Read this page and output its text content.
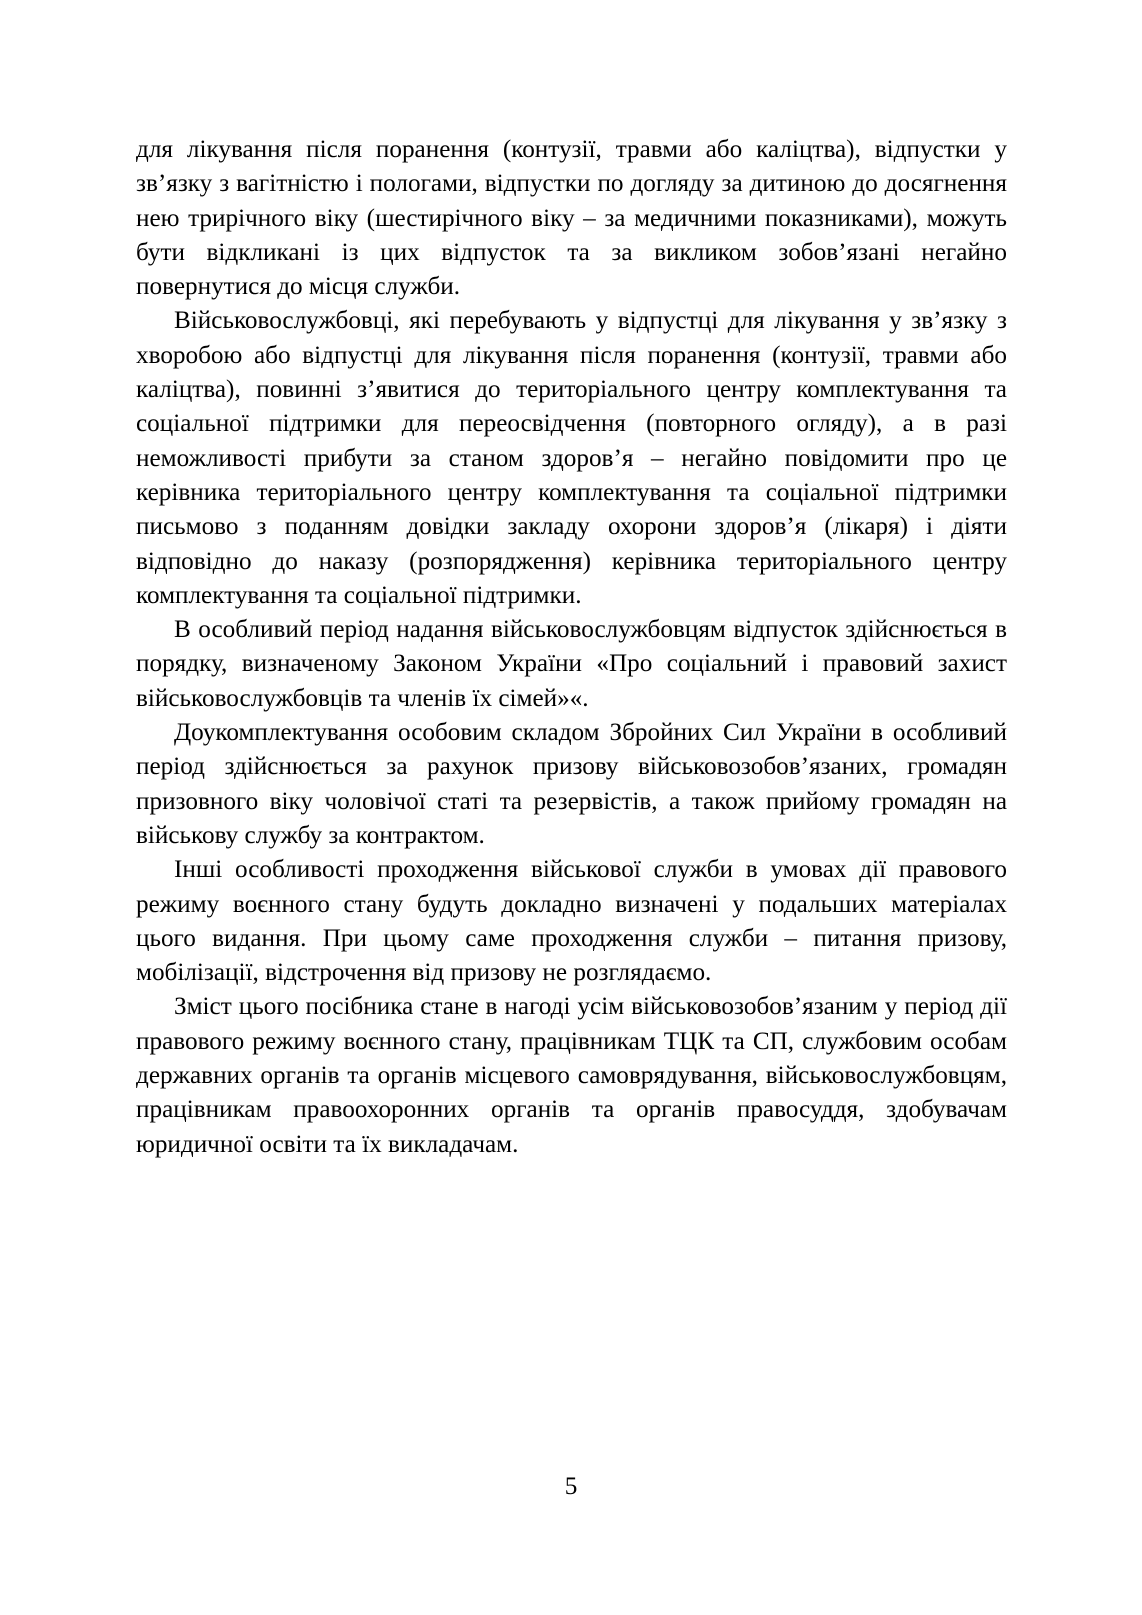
для лікування після поранення (контузії, травми або каліцтва), відпустки у зв’язку з вагітністю і пологами, відпустки по догляду за дитиною до досягнення нею трирічного віку (шестирічного віку – за медичними показниками), можуть бути відкликані із цих відпусток та за викликом зобов’язані негайно повернутися до місця служби.

Військовослужбовці, які перебувають у відпустці для лікування у зв’язку з хворобою або відпустці для лікування після поранення (контузії, травми або каліцтва), повинні з’явитися до територіального центру комплектування та соціальної підтримки для переосвідчення (повторного огляду), а в разі неможливості прибути за станом здоров’я – негайно повідомити про це керівника територіального центру комплектування та соціальної підтримки письмово з поданням довідки закладу охорони здоров’я (лікаря) і діяти відповідно до наказу (розпорядження) керівника територіального центру комплектування та соціальної підтримки.

В особливий період надання військовослужбовцям відпусток здійснюється в порядку, визначеному Законом України «Про соціальний і правовий захист військовослужбовців та членів їх сімей»«.

Доукомплектування особовим складом Збройних Сил України в особливий період здійснюється за рахунок призову військовозобов’язаних, громадян призовного віку чоловічої статі та резервістів, а також прийому громадян на військову службу за контрактом.

Інші особливості проходження військової служби в умовах дії правового режиму воєнного стану будуть докладно визначені у подальших матеріалах цього видання. При цьому саме проходження служби – питання призову, мобілізації, відстрочення від призову не розглядаємо.

Зміст цього посібника стане в нагоді усім військовозобов’язаним у період дії правового режиму воєнного стану, працівникам ТЦК та СП, службовим особам державних органів та органів місцевого самоврядування, військовослужбовцям, працівникам правоохоронних органів та органів правосуддя, здобувачам юридичної освіти та їх викладачам.

5
